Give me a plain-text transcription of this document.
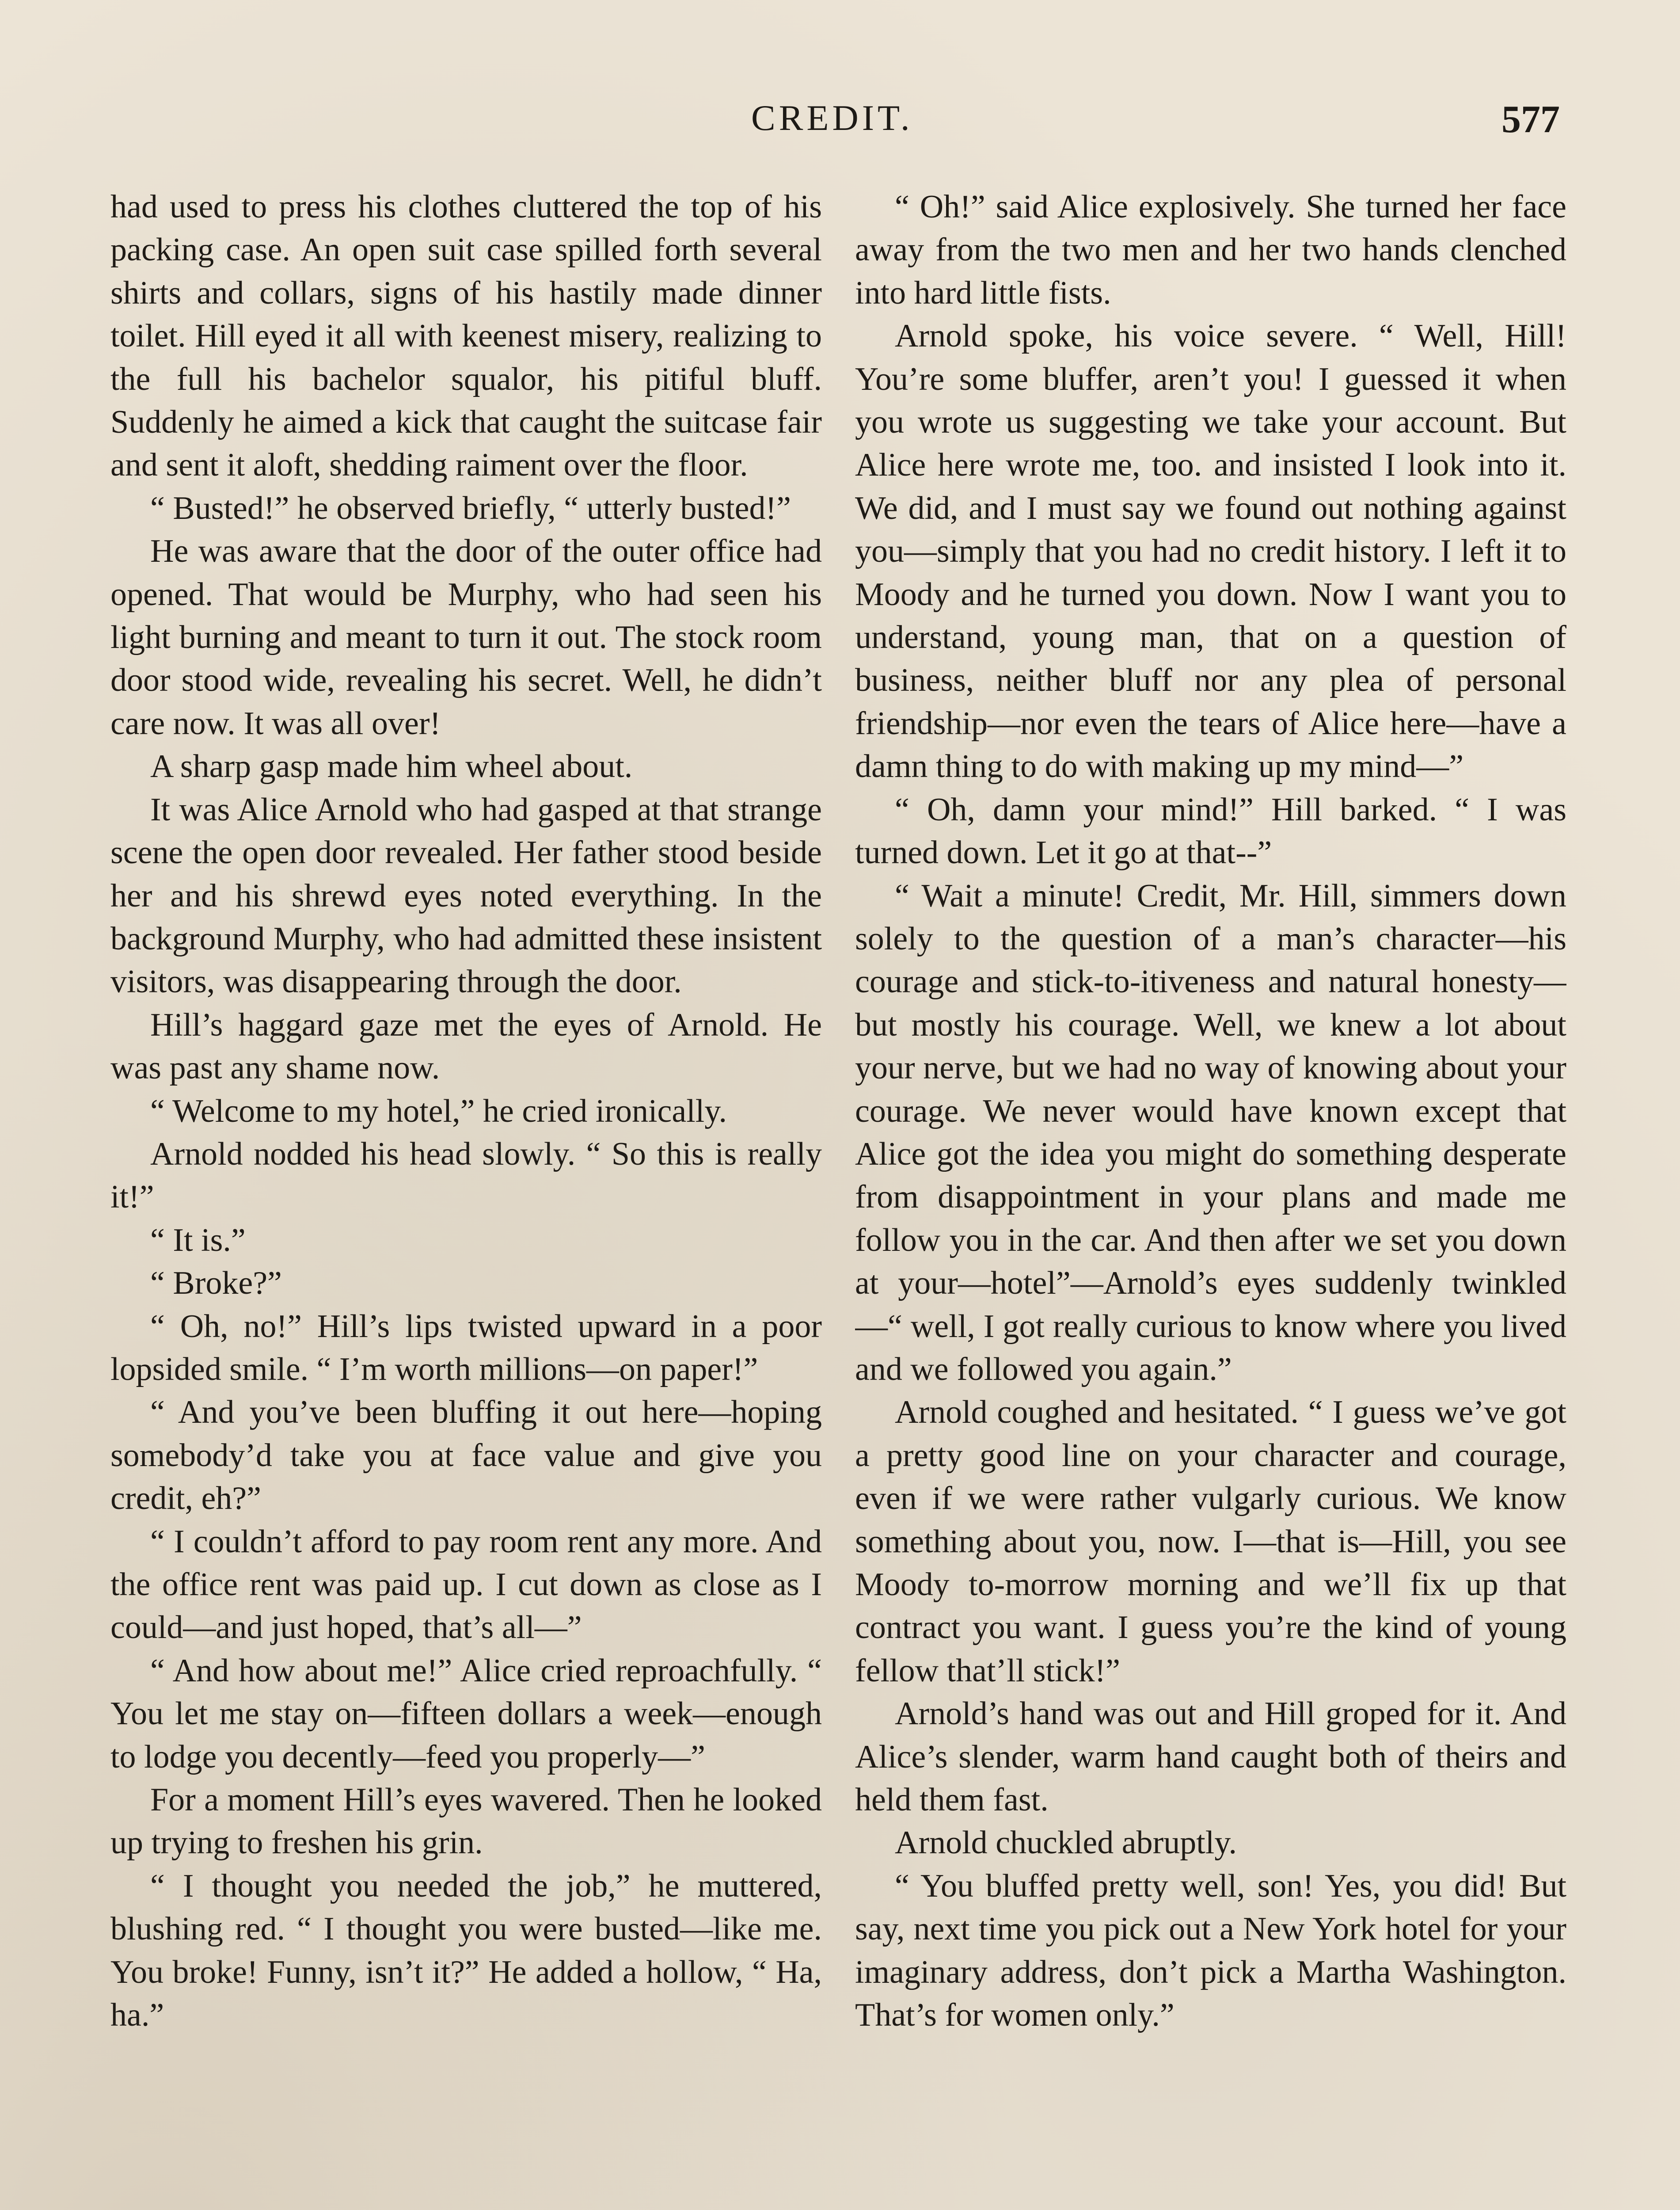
CREDIT.	577

had used to press his clothes cluttered the top of his packing case. An open suit case spilled forth several shirts and collars, signs of his hastily made dinner toilet. Hill eyed it all with keenest misery, realizing to the full his bachelor squalor, his pitiful bluff. Suddenly he aimed a kick that caught the suitcase fair and sent it aloft, shedding raiment over the floor.

“ Busted!” he observed briefly, “ utterly busted!”

He was aware that the door of the outer office had opened. That would be Murphy, who had seen his light burning and meant to turn it out. The stock room door stood wide, revealing his secret. Well, he didn’t care now. It was all over!

A sharp gasp made him wheel about.

It was Alice Arnold who had gasped at that strange scene the open door revealed. Her father stood beside her and his shrewd eyes noted everything. In the background Murphy, who had admitted these insistent visitors, was disappearing through the door.

Hill’s haggard gaze met the eyes of Arnold. He was past any shame now.

“ Welcome to my hotel,” he cried ironically.

Arnold nodded his head slowly. “ So this is really it!”

“ It is.”

“ Broke?”

“ Oh, no!” Hill’s lips twisted upward in a poor lopsided smile. “ I’m worth millions—on paper!”

“ And you’ve been bluffing it out here—hoping somebody’d take you at face value and give you credit, eh?”

“ I couldn’t afford to pay room rent any more. And the office rent was paid up. I cut down as close as I could—and just hoped, that’s all—”

“ And how about me!” Alice cried reproachfully. “ You let me stay on—fifteen dollars a week—enough to lodge you decently—feed you properly—”

For a moment Hill’s eyes wavered. Then he looked up trying to freshen his grin.

“ I thought you needed the job,” he muttered, blushing red. “ I thought you were busted—like me. You broke! Funny, isn’t it?” He added a hollow, “ Ha, ha.”

“ Oh!” said Alice explosively. She turned her face away from the two men and her two hands clenched into hard little fists.

Arnold spoke, his voice severe. “ Well, Hill! You’re some bluffer, aren’t you! I guessed it when you wrote us suggesting we take your account. But Alice here wrote me, too. and insisted I look into it. We did, and I must say we found out nothing against you—simply that you had no credit history. I left it to Moody and he turned you down. Now I want you to understand, young man, that on a question of business, neither bluff nor any plea of personal friendship—nor even the tears of Alice here—have a damn thing to do with making up my mind—”

“ Oh, damn your mind!” Hill barked. “ I was turned down. Let it go at that--”

“ Wait a minute! Credit, Mr. Hill, simmers down solely to the question of a man’s character—his courage and stick-to-itiveness and natural honesty—but mostly his courage. Well, we knew a lot about your nerve, but we had no way of knowing about your courage. We never would have known except that Alice got the idea you might do something desperate from disappointment in your plans and made me follow you in the car. And then after we set you down at your—hotel”—Arnold’s eyes suddenly twinkled—“ well, I got really curious to know where you lived and we followed you again.”

Arnold coughed and hesitated. “ I guess we’ve got a pretty good line on your character and courage, even if we were rather vulgarly curious. We know something about you, now. I—that is—Hill, you see Moody to-morrow morning and we’ll fix up that contract you want. I guess you’re the kind of young fellow that’ll stick!”

Arnold’s hand was out and Hill groped for it. And Alice’s slender, warm hand caught both of theirs and held them fast.

Arnold chuckled abruptly.

“ You bluffed pretty well, son! Yes, you did! But say, next time you pick out a New York hotel for your imaginary address, don’t pick a Martha Washington. That’s for women only.”
